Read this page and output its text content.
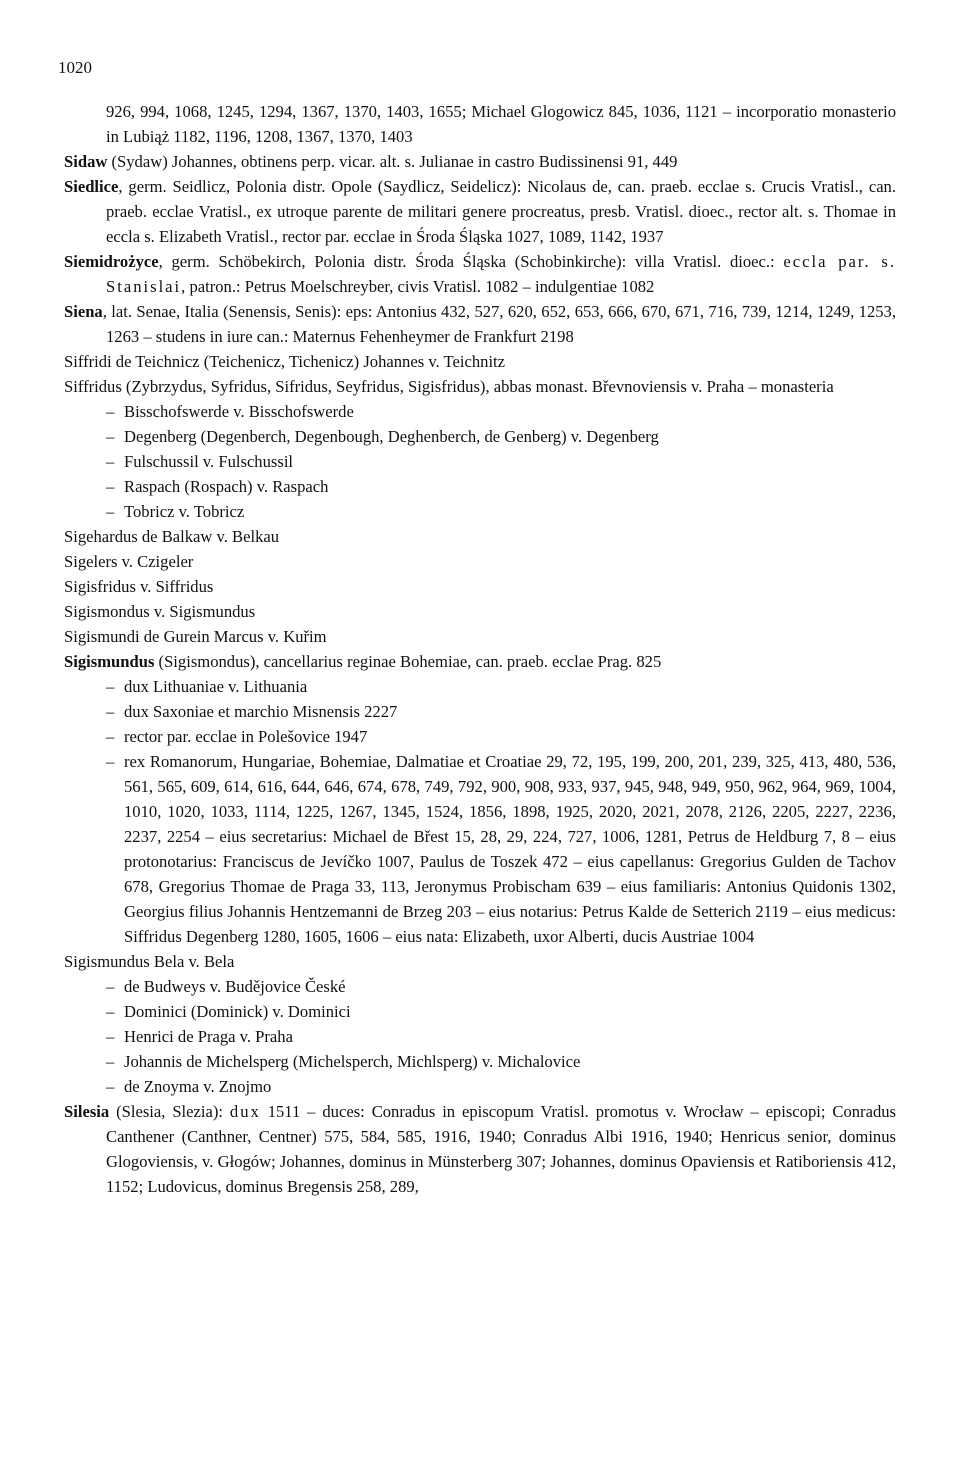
1020
926, 994, 1068, 1245, 1294, 1367, 1370, 1403, 1655; Michael Glogowicz 845, 1036, 1121 – incorporatio monasterio in Lubiąż 1182, 1196, 1208, 1367, 1370, 1403
Sidaw (Sydaw) Johannes, obtinens perp. vicar. alt. s. Julianae in castro Budissinensi 91, 449
Siedlice, germ. Seidlicz, Polonia distr. Opole (Saydlicz, Seidelicz): Nicolaus de, can. praeb. ecclae s. Crucis Vratisl., can. praeb. ecclae Vratisl., ex utroque parente de militari genere procreatus, presb. Vratisl. dioec., rector alt. s. Thomae in eccla s. Elizabeth Vratisl., rector par. ecclae in Środa Śląska 1027, 1089, 1142, 1937
Siemidrożyce, germ. Schöbekirch, Polonia distr. Środa Śląska (Schobinkirche): villa Vratisl. dioec.: eccla par. s. Stanislai, patron.: Petrus Moelschreyber, civis Vratisl. 1082 – indulgentiae 1082
Siena, lat. Senae, Italia (Senensis, Senis): eps: Antonius 432, 527, 620, 652, 653, 666, 670, 671, 716, 739, 1214, 1249, 1253, 1263 – studens in iure can.: Maternus Fehenheymer de Frankfurt 2198
Siffridi de Teichnicz (Teichenicz, Tichenicz) Johannes v. Teichnitz
Siffridus (Zybrzydus, Syfridus, Sifridus, Seyfridus, Sigisfridus), abbas monast. Břevnoviensis v. Praha – monasteria
– Bisschofswerde v. Bisschofswerde
– Degenberg (Degenberch, Degenbough, Deghenberch, de Genberg) v. Degenberg
– Fulschussil v. Fulschussil
– Raspach (Rospach) v. Raspach
– Tobricz v. Tobricz
Sigehardus de Balkaw v. Belkau
Sigelers v. Czigeler
Sigisfridus v. Siffridus
Sigismondus v. Sigismundus
Sigismundi de Gurein Marcus v. Kuřim
Sigismundus (Sigismondus), cancellarius reginae Bohemiae, can. praeb. ecclae Prag. 825
– dux Lithuaniae v. Lithuania
– dux Saxoniae et marchio Misnensis 2227
– rector par. ecclae in Polešovice 1947
– rex Romanorum, Hungariae, Bohemiae, Dalmatiae et Croatiae 29, 72, 195, 199, 200, 201, 239, 325, 413, 480, 536, 561, 565, 609, 614, 616, 644, 646, 674, 678, 749, 792, 900, 908, 933, 937, 945, 948, 949, 950, 962, 964, 969, 1004, 1010, 1020, 1033, 1114, 1225, 1267, 1345, 1524, 1856, 1898, 1925, 2020, 2021, 2078, 2126, 2205, 2227, 2236, 2237, 2254 – eius secretarius: Michael de Břest 15, 28, 29, 224, 727, 1006, 1281, Petrus de Heldburg 7, 8 – eius protonotarius: Franciscus de Jevíčko 1007, Paulus de Toszek 472 – eius capellanus: Gregorius Gulden de Tachov 678, Gregorius Thomae de Praga 33, 113, Jeronymus Probischam 639 – eius familiaris: Antonius Quidonis 1302, Georgius filius Johannis Hentzemanni de Brzeg 203 – eius notarius: Petrus Kalde de Setterich 2119 – eius medicus: Siffridus Degenberg 1280, 1605, 1606 – eius nata: Elizabeth, uxor Alberti, ducis Austriae 1004
Sigismundus Bela v. Bela
– de Budweys v. Budějovice České
– Dominici (Dominick) v. Dominici
– Henrici de Praga v. Praha
– Johannis de Michelsperg (Michelsperch, Michlsperg) v. Michalovice
– de Znoyma v. Znojmo
Silesia (Slesia, Slezia): dux 1511 – duces: Conradus in episcopum Vratisl. promotus v. Wrocław – episcopi; Conradus Canthener (Canthner, Centner) 575, 584, 585, 1916, 1940; Conradus Albi 1916, 1940; Henricus senior, dominus Glogoviensis, v. Głogów; Johannes, dominus in Münsterberg 307; Johannes, dominus Opaviensis et Ratiboriensis 412, 1152; Ludovicus, dominus Bregensis 258, 289,
